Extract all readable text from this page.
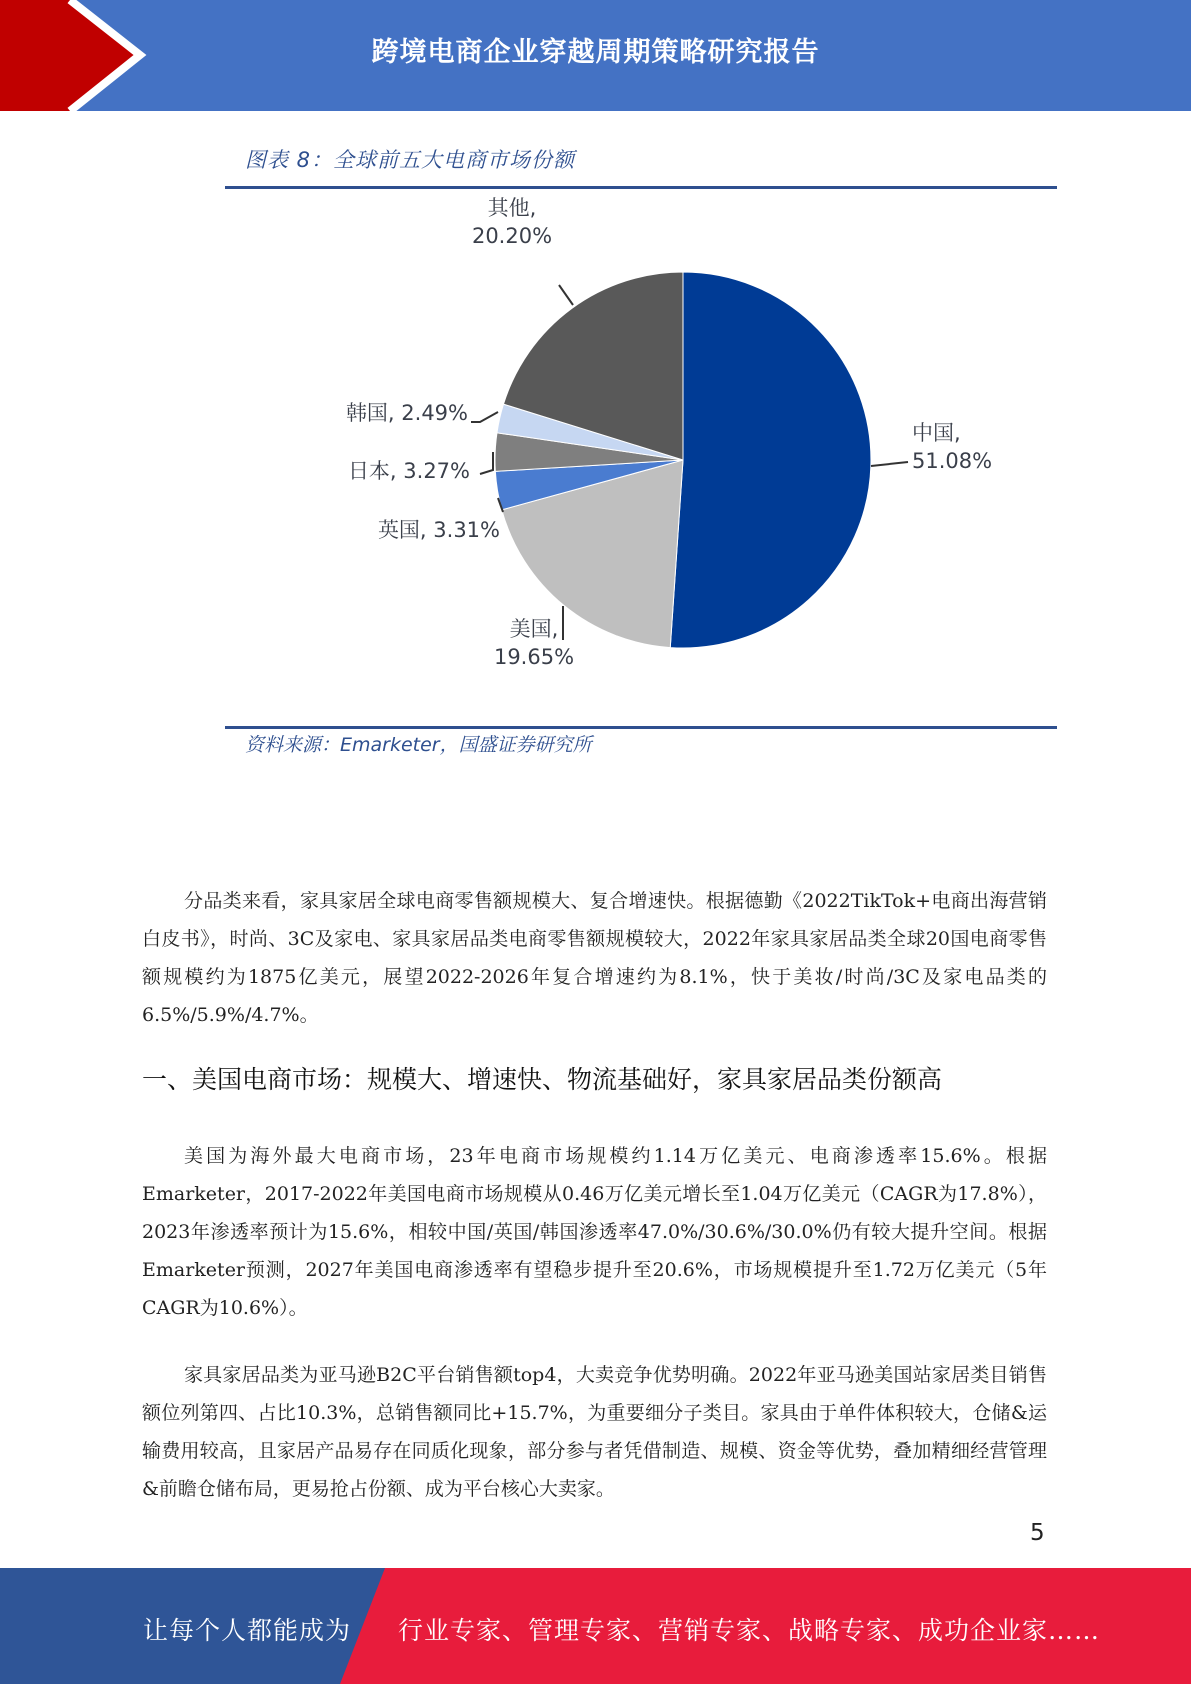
跨境电商企业穿越周期策略研究报告
图表 8：全球前五大电商市场份额
中国,
51.08%
美国,
19.65%
英国, 3.31%
日本, 3.27%
韩国, 2.49%
其他,
20.20%
资料来源：Emarketer，国盛证券研究所

分品类来看，家具家居全球电商零售额规模大、复合增速快。根据德勤《2022TikTok+电商出海营销白皮书》，时尚、3C及家电、家具家居品类电商零售额规模较大，2022年家具家居品类全球20国电商零售额规模约为1875亿美元，展望2022-2026年复合增速约为8.1%，快于美妆/时尚/3C及家电品类的6.5%/5.9%/4.7%。

一、美国电商市场：规模大、增速快、物流基础好，家具家居品类份额高

美国为海外最大电商市场，23年电商市场规模约1.14万亿美元、电商渗透率15.6%。根据Emarketer，2017-2022年美国电商市场规模从0.46万亿美元增长至1.04万亿美元（CAGR为17.8%），2023年渗透率预计为15.6%，相较中国/英国/韩国渗透率47.0%/30.6%/30.0%仍有较大提升空间。根据Emarketer预测，2027年美国电商渗透率有望稳步提升至20.6%，市场规模提升至1.72万亿美元（5年CAGR为10.6%）。

家具家居品类为亚马逊B2C平台销售额top4，大卖竞争优势明确。2022年亚马逊美国站家居类目销售额位列第四、占比10.3%，总销售额同比+15.7%，为重要细分子类目。家具由于单件体积较大，仓储&运输费用较高，且家居产品易存在同质化现象，部分参与者凭借制造、规模、资金等优势，叠加精细经营管理&前瞻仓储布局，更易抢占份额、成为平台核心大卖家。

5
让每个人都能成为 行业专家、管理专家、营销专家、战略专家、成功企业家……
